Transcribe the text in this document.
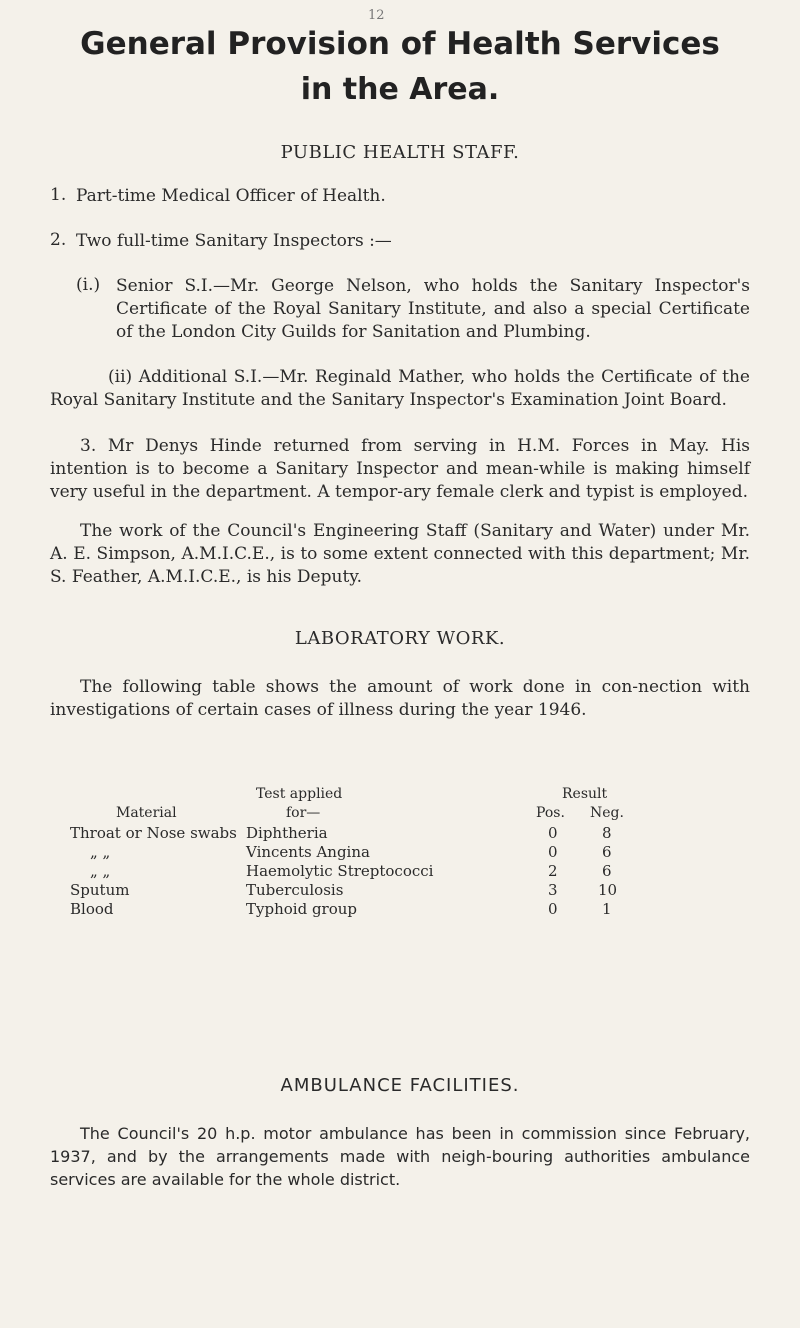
12
General Provision of Health Services
in the Area.
PUBLIC HEALTH STAFF.
1. Part-time Medical Officer of Health.
2. Two full-time Sanitary Inspectors :—
(i.) Senior S.I.—Mr. George Nelson, who holds the Sanitary Inspector's Certificate of the Royal Sanitary Institute, and also a special Certificate of the London City Guilds for Sanitation and Plumbing.
(ii) Additional S.I.—Mr. Reginald Mather, who holds the Certificate of the Royal Sanitary Institute and the Sanitary Inspector's Examination Joint Board.
3. Mr Denys Hinde returned from serving in H.M. Forces in May. His intention is to become a Sanitary Inspector and mean-while is making himself very useful in the department. A tempor-ary female clerk and typist is employed.
The work of the Council's Engineering Staff (Sanitary and Water) under Mr. A. E. Simpson, A.M.I.C.E., is to some extent connected with this department; Mr. S. Feather, A.M.I.C.E., is his Deputy.
LABORATORY WORK.
The following table shows the amount of work done in con-nection with investigations of certain cases of illness during the year 1946.
Test applied	Result
Material	for—	Pos. Neg.
Throat or Nose swabs Diphtheria	0	8
„ „	Vincents Angina	0	6
„ „	Haemolytic Streptococci	2	6
Sputum	Tuberculosis	3	10
Blood	Typhoid group	0	1
AMBULANCE FACILITIES.
The Council's 20 h.p. motor ambulance has been in commission since February, 1937, and by the arrangements made with neigh-bouring authorities ambulance services are available for the whole district.
